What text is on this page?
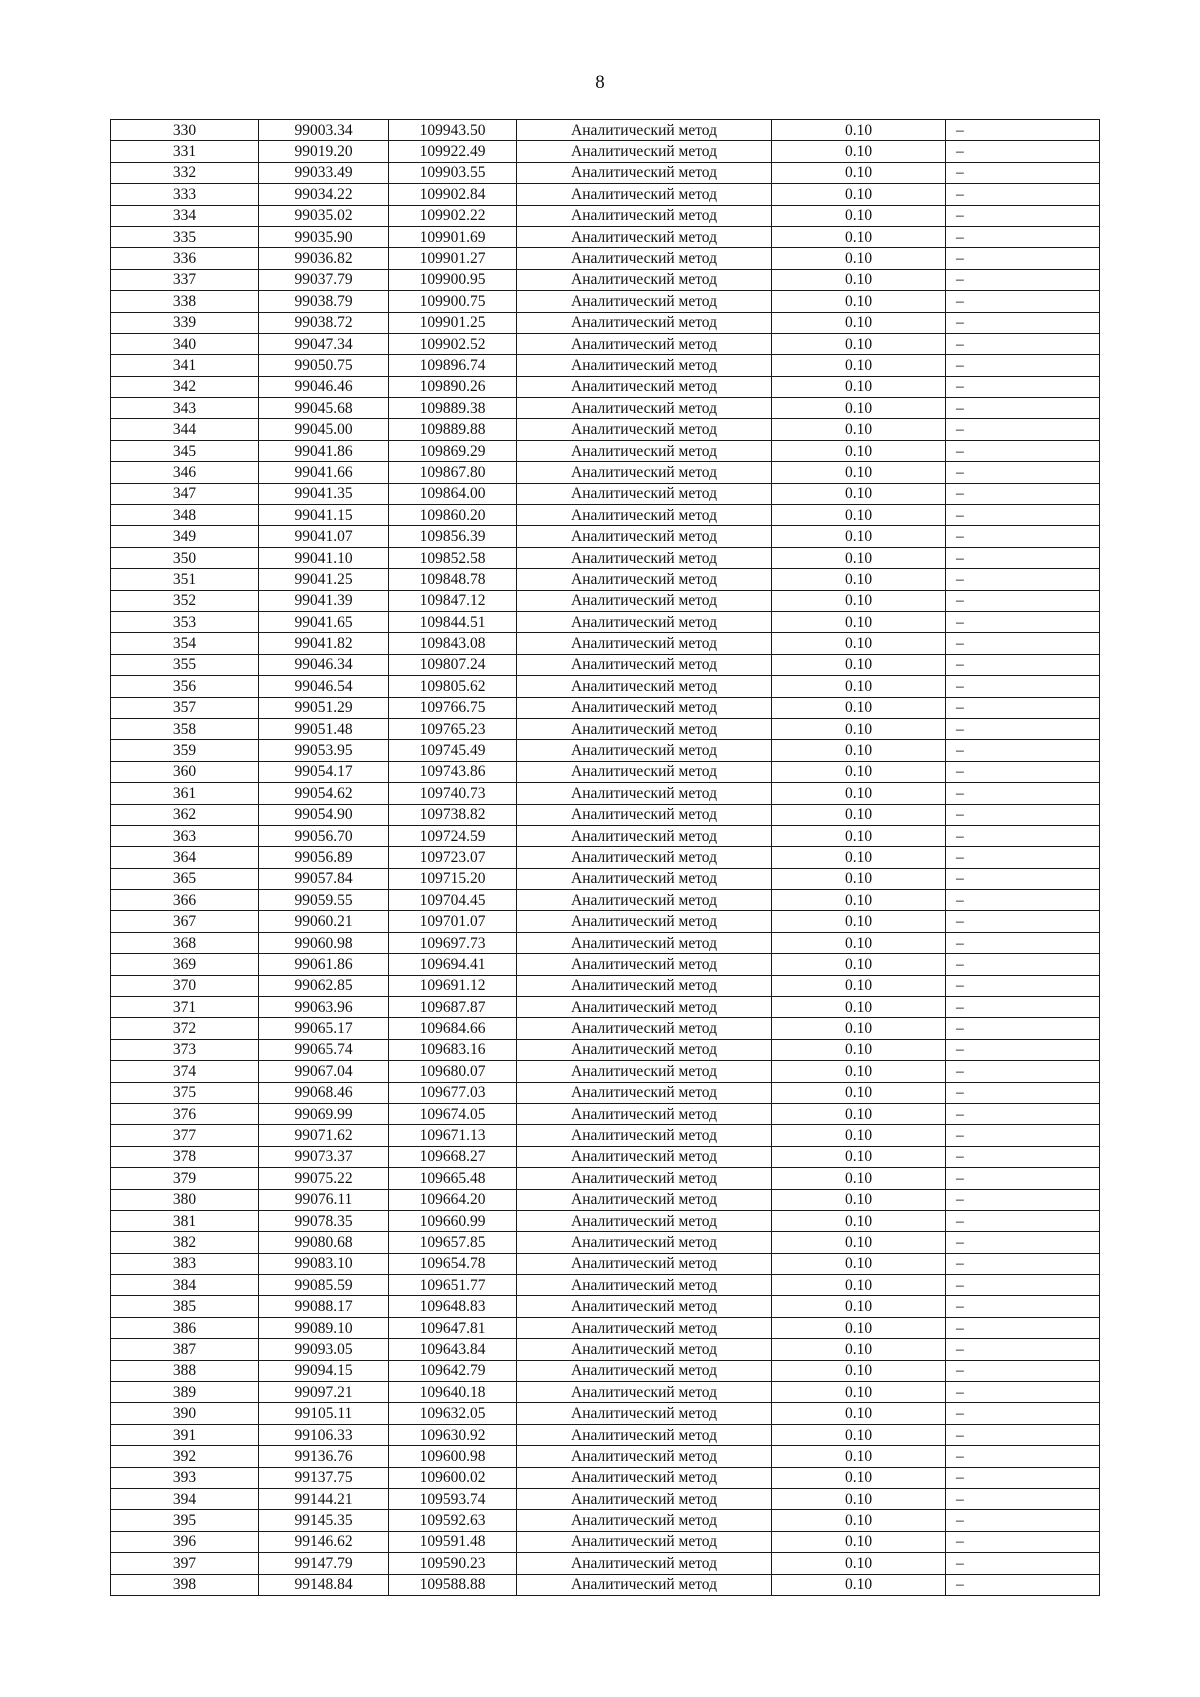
8
330	99003.34	109943.50	Аналитический метод	0.10	–
331	99019.20	109922.49	Аналитический метод	0.10	–
332	99033.49	109903.55	Аналитический метод	0.10	–
333	99034.22	109902.84	Аналитический метод	0.10	–
334	99035.02	109902.22	Аналитический метод	0.10	–
335	99035.90	109901.69	Аналитический метод	0.10	–
336	99036.82	109901.27	Аналитический метод	0.10	–
337	99037.79	109900.95	Аналитический метод	0.10	–
338	99038.79	109900.75	Аналитический метод	0.10	–
339	99038.72	109901.25	Аналитический метод	0.10	–
340	99047.34	109902.52	Аналитический метод	0.10	–
341	99050.75	109896.74	Аналитический метод	0.10	–
342	99046.46	109890.26	Аналитический метод	0.10	–
343	99045.68	109889.38	Аналитический метод	0.10	–
344	99045.00	109889.88	Аналитический метод	0.10	–
345	99041.86	109869.29	Аналитический метод	0.10	–
346	99041.66	109867.80	Аналитический метод	0.10	–
347	99041.35	109864.00	Аналитический метод	0.10	–
348	99041.15	109860.20	Аналитический метод	0.10	–
349	99041.07	109856.39	Аналитический метод	0.10	–
350	99041.10	109852.58	Аналитический метод	0.10	–
351	99041.25	109848.78	Аналитический метод	0.10	–
352	99041.39	109847.12	Аналитический метод	0.10	–
353	99041.65	109844.51	Аналитический метод	0.10	–
354	99041.82	109843.08	Аналитический метод	0.10	–
355	99046.34	109807.24	Аналитический метод	0.10	–
356	99046.54	109805.62	Аналитический метод	0.10	–
357	99051.29	109766.75	Аналитический метод	0.10	–
358	99051.48	109765.23	Аналитический метод	0.10	–
359	99053.95	109745.49	Аналитический метод	0.10	–
360	99054.17	109743.86	Аналитический метод	0.10	–
361	99054.62	109740.73	Аналитический метод	0.10	–
362	99054.90	109738.82	Аналитический метод	0.10	–
363	99056.70	109724.59	Аналитический метод	0.10	–
364	99056.89	109723.07	Аналитический метод	0.10	–
365	99057.84	109715.20	Аналитический метод	0.10	–
366	99059.55	109704.45	Аналитический метод	0.10	–
367	99060.21	109701.07	Аналитический метод	0.10	–
368	99060.98	109697.73	Аналитический метод	0.10	–
369	99061.86	109694.41	Аналитический метод	0.10	–
370	99062.85	109691.12	Аналитический метод	0.10	–
371	99063.96	109687.87	Аналитический метод	0.10	–
372	99065.17	109684.66	Аналитический метод	0.10	–
373	99065.74	109683.16	Аналитический метод	0.10	–
374	99067.04	109680.07	Аналитический метод	0.10	–
375	99068.46	109677.03	Аналитический метод	0.10	–
376	99069.99	109674.05	Аналитический метод	0.10	–
377	99071.62	109671.13	Аналитический метод	0.10	–
378	99073.37	109668.27	Аналитический метод	0.10	–
379	99075.22	109665.48	Аналитический метод	0.10	–
380	99076.11	109664.20	Аналитический метод	0.10	–
381	99078.35	109660.99	Аналитический метод	0.10	–
382	99080.68	109657.85	Аналитический метод	0.10	–
383	99083.10	109654.78	Аналитический метод	0.10	–
384	99085.59	109651.77	Аналитический метод	0.10	–
385	99088.17	109648.83	Аналитический метод	0.10	–
386	99089.10	109647.81	Аналитический метод	0.10	–
387	99093.05	109643.84	Аналитический метод	0.10	–
388	99094.15	109642.79	Аналитический метод	0.10	–
389	99097.21	109640.18	Аналитический метод	0.10	–
390	99105.11	109632.05	Аналитический метод	0.10	–
391	99106.33	109630.92	Аналитический метод	0.10	–
392	99136.76	109600.98	Аналитический метод	0.10	–
393	99137.75	109600.02	Аналитический метод	0.10	–
394	99144.21	109593.74	Аналитический метод	0.10	–
395	99145.35	109592.63	Аналитический метод	0.10	–
396	99146.62	109591.48	Аналитический метод	0.10	–
397	99147.79	109590.23	Аналитический метод	0.10	–
398	99148.84	109588.88	Аналитический метод	0.10	–
